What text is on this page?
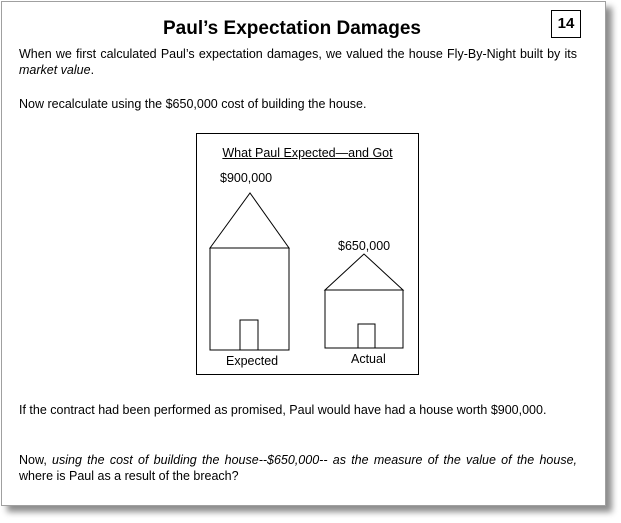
Paul’s Expectation Damages	14
When we first calculated Paul’s expectation damages, we valued the house Fly-By-Night built by its market value.
Now recalculate using the $650,000 cost of building the house.
What Paul Expected—and Got
$900,000
$650,000
Expected	Actual
If the contract had been performed as promised, Paul would have had a house worth $900,000.
Now, using the cost of building the house--$650,000-- as the measure of the value of the house, where is Paul as a result of the breach?
